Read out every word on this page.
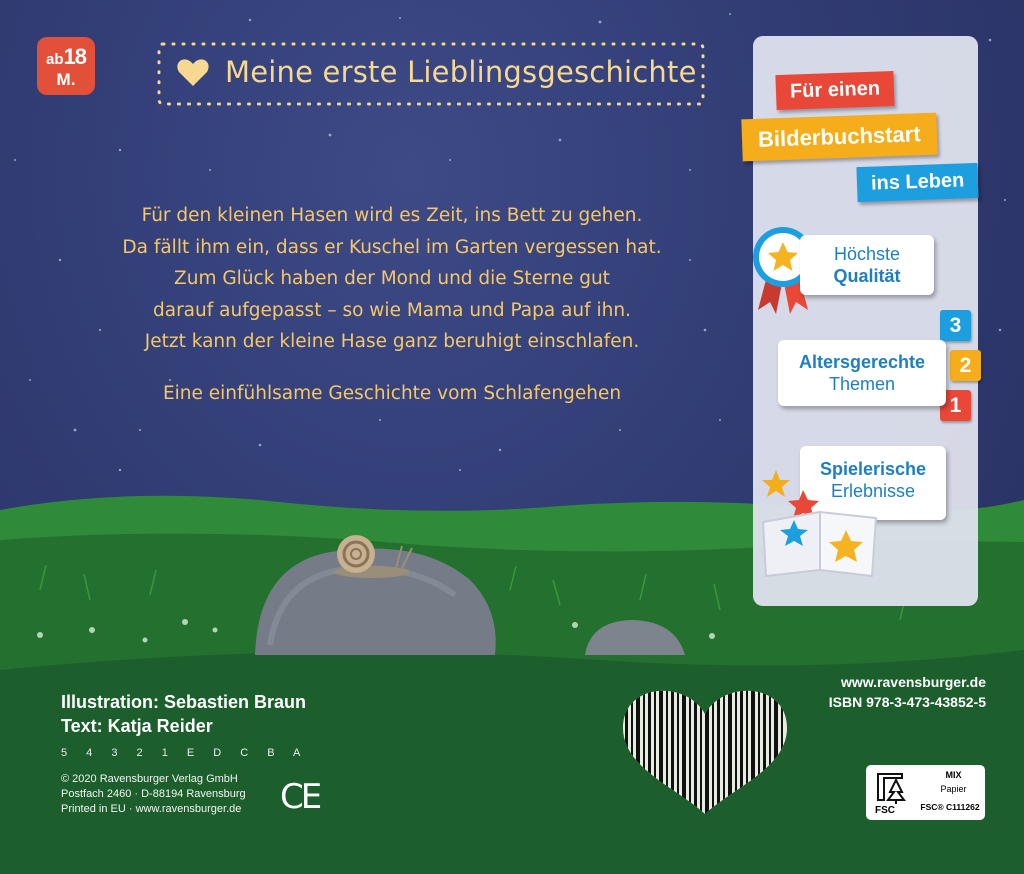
ab18
M.	Meine erste Lieblingsgeschichte

Für den kleinen Hasen wird es Zeit, ins Bett zu gehen.

Da fällt ihm ein, dass er Kuschel im Garten vergessen hat.

Zum Glück haben der Mond und die Sterne gut

darauf aufgepasst – so wie Mama und Papa auf ihn.

Jetzt kann der kleine Hase ganz beruhigt einschlafen.

Eine einfühlsame Geschichte vom Schlafengehen

Für einen
Bilderbuchstart
ins Leben
Höchste
Qualität
3
2
1
Altersgerechte
Themen
Spielerische
Erlebnisse
Illustration: Sebastien Braun
Text: Katja Reider
5 4 3 2 1 E D C B A
© 2020 Ravensburger Verlag GmbH
Postfach 2460 · D-88194 Ravensburg
Printed in EU · www.ravensburger.de CE
www.ravensburger.de
ISBN 978-3-473-43852-5
FSC
MIX
Papier
FSC® C111262
